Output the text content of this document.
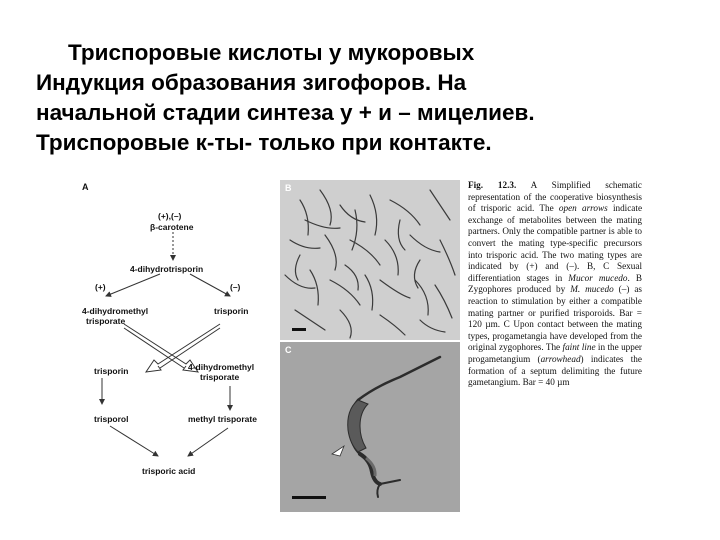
Триспоровые кислоты у мукоровых
Индукция образования зигофоров. На
начальной стадии синтеза у + и – мицелиев.
Триспоровые к-ты- только при контакте.
A
(+),(–)
β-carotene
4-dihydrotrisporin
(+)	(–)
4-dihydromethyl
trisporate
trisporin
trisporin	4-dihydromethyl
trisporate
trisporol	methyl trisporate
trisporic acid
B
C
Fig. 12.3. A Simplified schematic representation of the cooperative biosynthesis of trisporic acid. The open arrows indicate exchange of metabolites between the mating partners. Only the compatible partner is able to convert the mating type-specific precursors into trisporic acid. The two mating types are indicated by (+) and (–). B, C Sexual differentiation stages in Mucor mucedo. B Zygophores produced by M. mucedo (–) as reaction to stimulation by either a compatible mating partner or purified trisporoids. Bar = 120 µm. C Upon contact between the mating types, progametangia have developed from the original zygophores. The faint line in the upper progametangium (arrowhead) indicates the formation of a septum delimiting the future gametangium. Bar = 40 µm
